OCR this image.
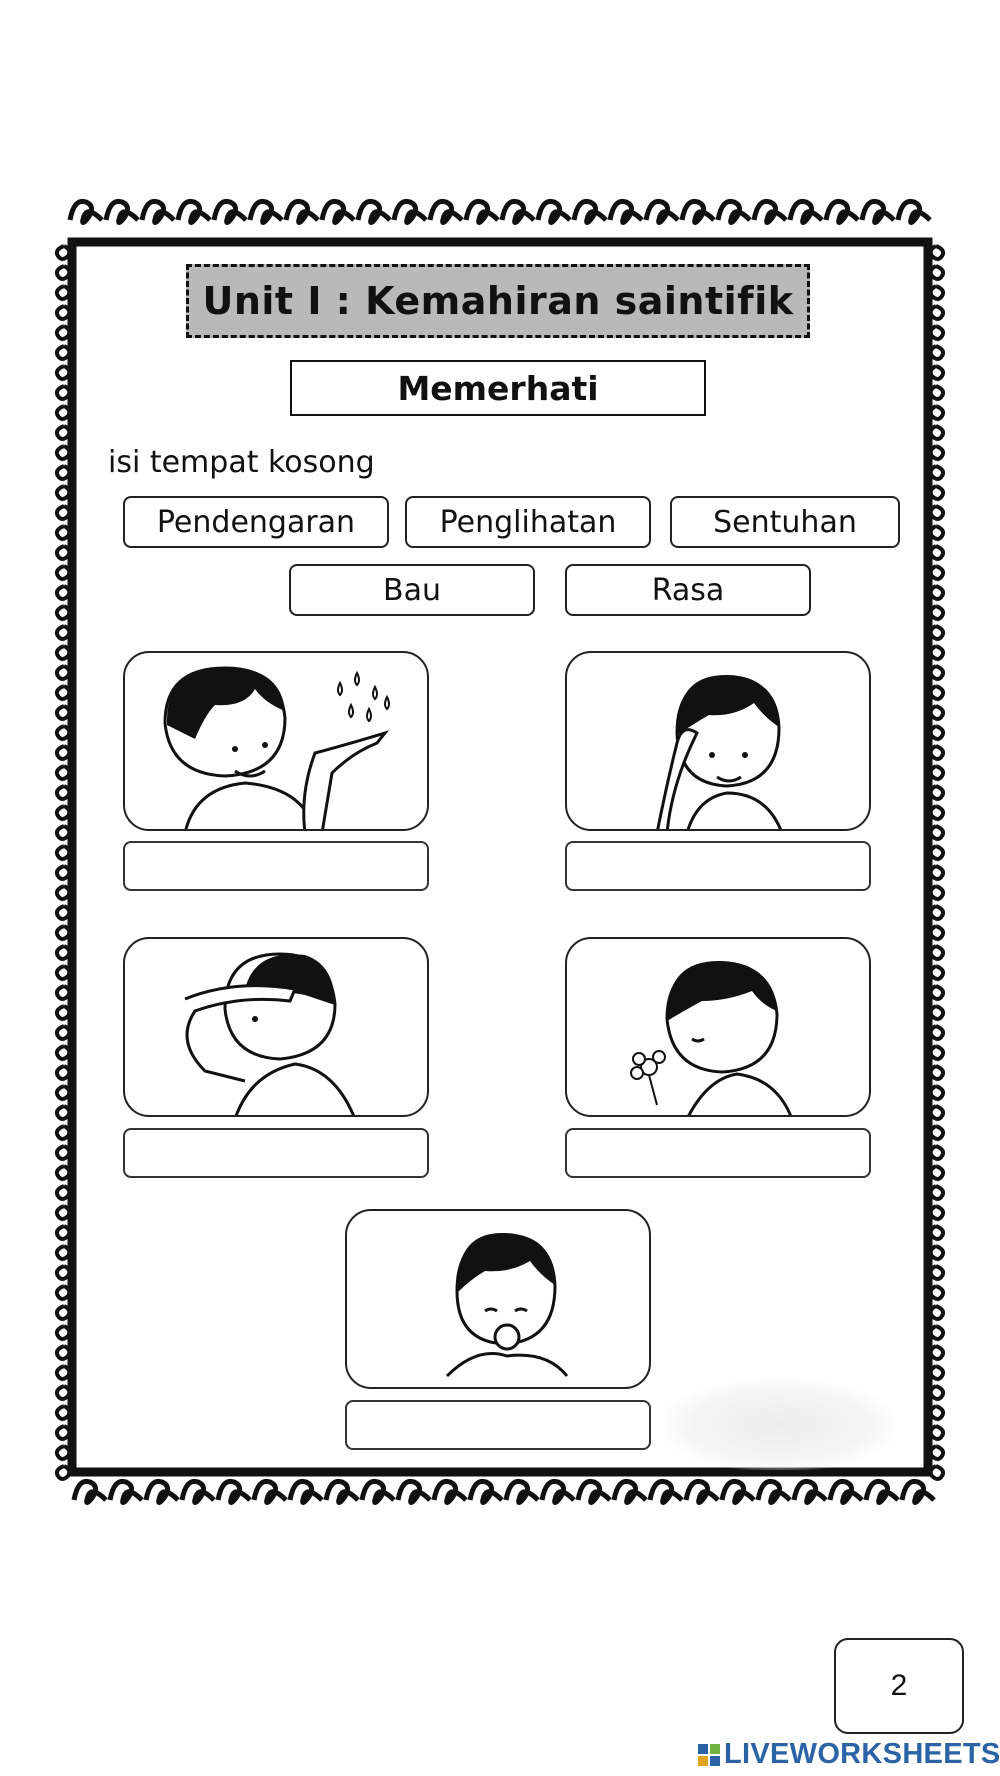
Unit I : Kemahiran saintifik
Memerhati
isi tempat kosong
Pendengaran	Penglihatan	Sentuhan
Bau	Rasa
2
LIVEWORKSHEETS
